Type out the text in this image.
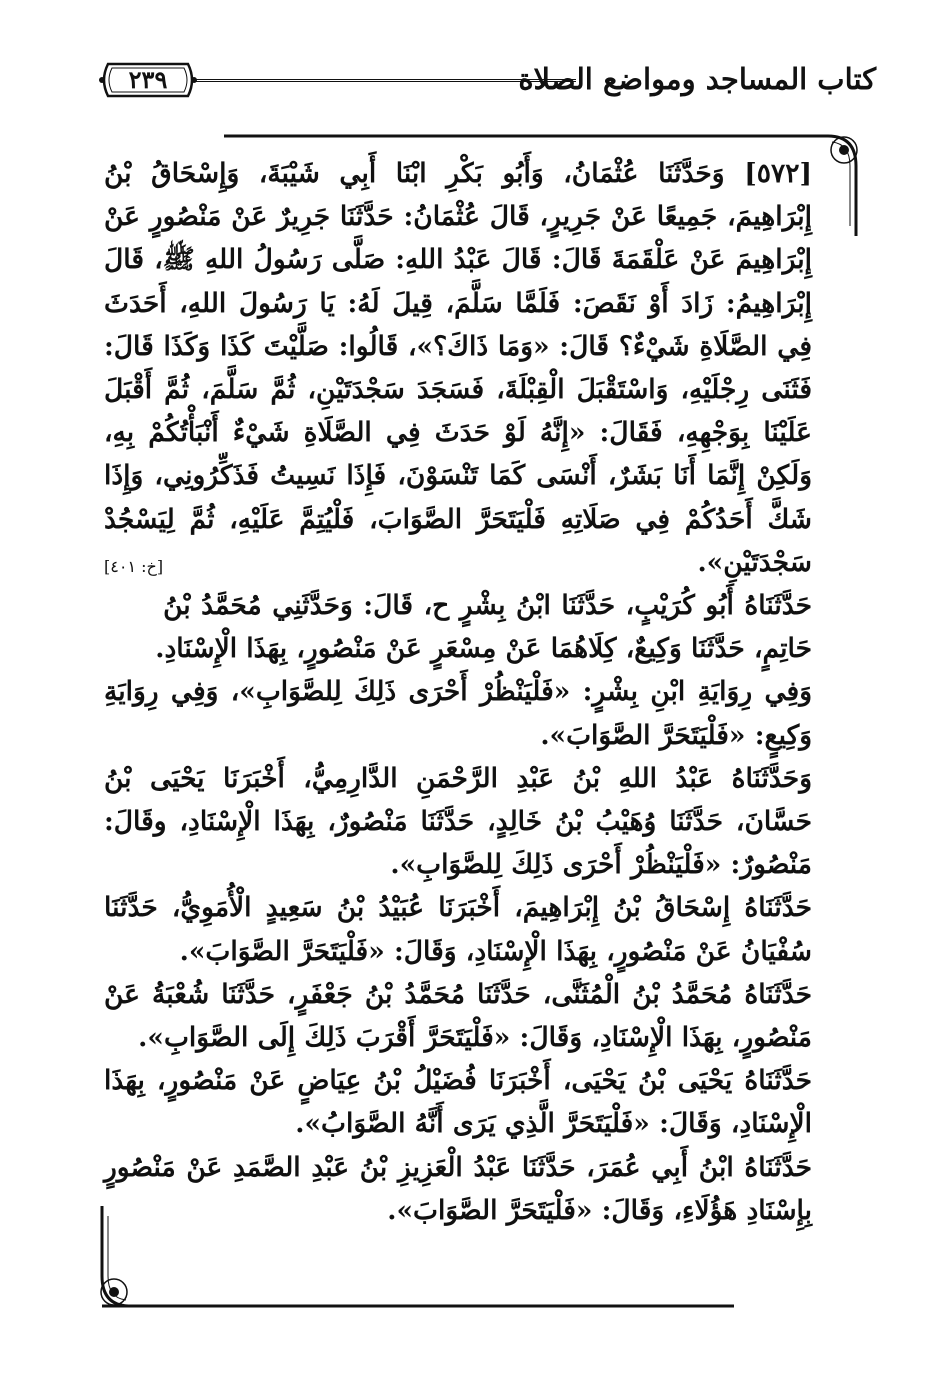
كتاب المساجد ومواضع الصلاة
٢٣٩

[٥٧٢] وَحَدَّثَنَا عُثْمَانُ، وَأَبُو بَكْرِ ابْنَا أَبِي شَيْبَةَ، وَإِسْحَاقُ بْنُ إِبْرَاهِيمَ، جَمِيعًا عَنْ جَرِيرٍ، قَالَ عُثْمَانُ: حَدَّثَنَا جَرِيرٌ عَنْ مَنْصُورٍ عَنْ إِبْرَاهِيمَ عَنْ عَلْقَمَةَ قَالَ: قَالَ عَبْدُ اللهِ: صَلَّى رَسُولُ اللهِ ﷺ، قَالَ إِبْرَاهِيمُ: زَادَ أَوْ نَقَصَ: فَلَمَّا سَلَّمَ، قِيلَ لَهُ: يَا رَسُولَ اللهِ، أَحَدَثَ فِي الصَّلَاةِ شَيْءٌ؟ قَالَ: «وَمَا ذَاكَ؟»، قَالُوا: صَلَّيْتَ كَذَا وَكَذَا قَالَ: فَثَنَى رِجْلَيْهِ، وَاسْتَقْبَلَ الْقِبْلَةَ، فَسَجَدَ سَجْدَتَيْنِ، ثُمَّ سَلَّمَ، ثُمَّ أَقْبَلَ عَلَيْنَا بِوَجْهِهِ، فَقَالَ: «إِنَّهُ لَوْ حَدَثَ فِي الصَّلَاةِ شَيْءٌ أَنْبَأْتُكُمْ بِهِ، وَلَكِنْ إِنَّمَا أَنَا بَشَرٌ، أَنْسَى كَمَا تَنْسَوْنَ، فَإِذَا نَسِيتُ فَذَكِّرُونِي، وَإِذَا شَكَّ أَحَدُكُمْ فِي صَلَاتِهِ فَلْيَتَحَرَّ الصَّوَابَ، فَلْيُتِمَّ عَلَيْهِ، ثُمَّ لِيَسْجُدْ سَجْدَتَيْنِ».
[خ: ٤٠١]

حَدَّثَنَاهُ أَبُو كُرَيْبٍ، حَدَّثَنَا ابْنُ بِشْرٍ ح، قَالَ: وَحَدَّثَنِي مُحَمَّدُ بْنُ حَاتِمٍ، حَدَّثَنَا وَكِيعٌ، كِلَاهُمَا عَنْ مِسْعَرٍ عَنْ مَنْصُورٍ، بِهَذَا الْإِسْنَادِ.

وَفِي رِوَايَةِ ابْنِ بِشْرٍ: «فَلْيَنْظُرْ أَحْرَى ذَلِكَ لِلصَّوَابِ»، وَفِي رِوَايَةِ وَكِيعٍ: «فَلْيَتَحَرَّ الصَّوَابَ».

وَحَدَّثَنَاهُ عَبْدُ اللهِ بْنُ عَبْدِ الرَّحْمَنِ الدَّارِمِيُّ، أَخْبَرَنَا يَحْيَى بْنُ حَسَّانَ، حَدَّثَنَا وُهَيْبُ بْنُ خَالِدٍ، حَدَّثَنَا مَنْصُورٌ، بِهَذَا الْإِسْنَادِ، وقَالَ: مَنْصُورٌ: «فَلْيَنْظُرْ أَحْرَى ذَلِكَ لِلصَّوَابِ».

حَدَّثَنَاهُ إِسْحَاقُ بْنُ إِبْرَاهِيمَ، أَخْبَرَنَا عُبَيْدُ بْنُ سَعِيدٍ الْأُمَوِيُّ، حَدَّثَنَا سُفْيَانُ عَنْ مَنْصُورٍ، بِهَذَا الْإِسْنَادِ، وَقَالَ: «فَلْيَتَحَرَّ الصَّوَابَ».

حَدَّثَنَاهُ مُحَمَّدُ بْنُ الْمُثَنَّى، حَدَّثَنَا مُحَمَّدُ بْنُ جَعْفَرٍ، حَدَّثَنَا شُعْبَةُ عَنْ مَنْصُورٍ، بِهَذَا الْإِسْنَادِ، وَقَالَ: «فَلْيَتَحَرَّ أَقْرَبَ ذَلِكَ إِلَى الصَّوَابِ».

حَدَّثَنَاهُ يَحْيَى بْنُ يَحْيَى، أَخْبَرَنَا فُضَيْلُ بْنُ عِيَاضٍ عَنْ مَنْصُورٍ، بِهَذَا الْإِسْنَادِ، وَقَالَ: «فَلْيَتَحَرَّ الَّذِي يَرَى أَنَّهُ الصَّوَابُ».

حَدَّثَنَاهُ ابْنُ أَبِي عُمَرَ، حَدَّثَنَا عَبْدُ الْعَزِيزِ بْنُ عَبْدِ الصَّمَدِ عَنْ مَنْصُورٍ بِإِسْنَادِ هَؤُلَاءِ، وَقَالَ: «فَلْيَتَحَرَّ الصَّوَابَ».
